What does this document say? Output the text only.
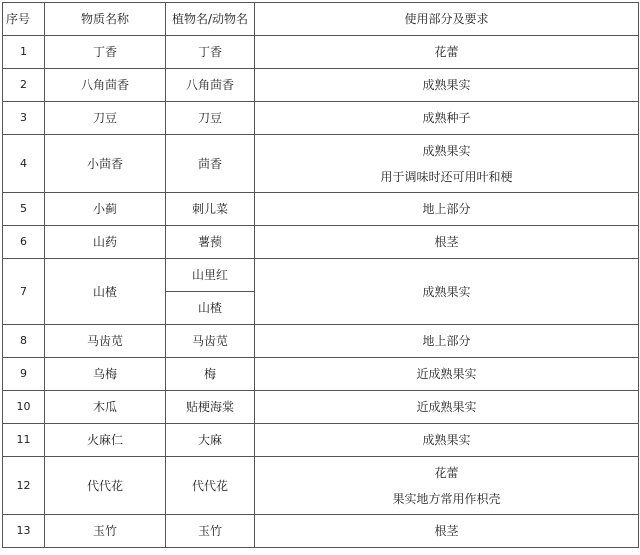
序号	物质名称	植物名/动物名	使用部分及要求
1	丁香	丁香	花蕾

2	八角茴香	八角茴香	成熟果实

3	刀豆	刀豆	成熟种子

4	小茴香	茴香	成熟果实
用于调味时还可用叶和梗

5	小蓟	刺儿菜	地上部分

6	山药	薯蓣	根茎

7	山楂	山里红	成熟果实

		山楂	
8	马齿苋	马齿苋	地上部分

9	乌梅	梅	近成熟果实

10	木瓜	贴梗海棠	近成熟果实

11	火麻仁	大麻	成熟果实

12	代代花	代代花	花蕾
果实地方常用作枳壳

13	玉竹	玉竹	根茎
